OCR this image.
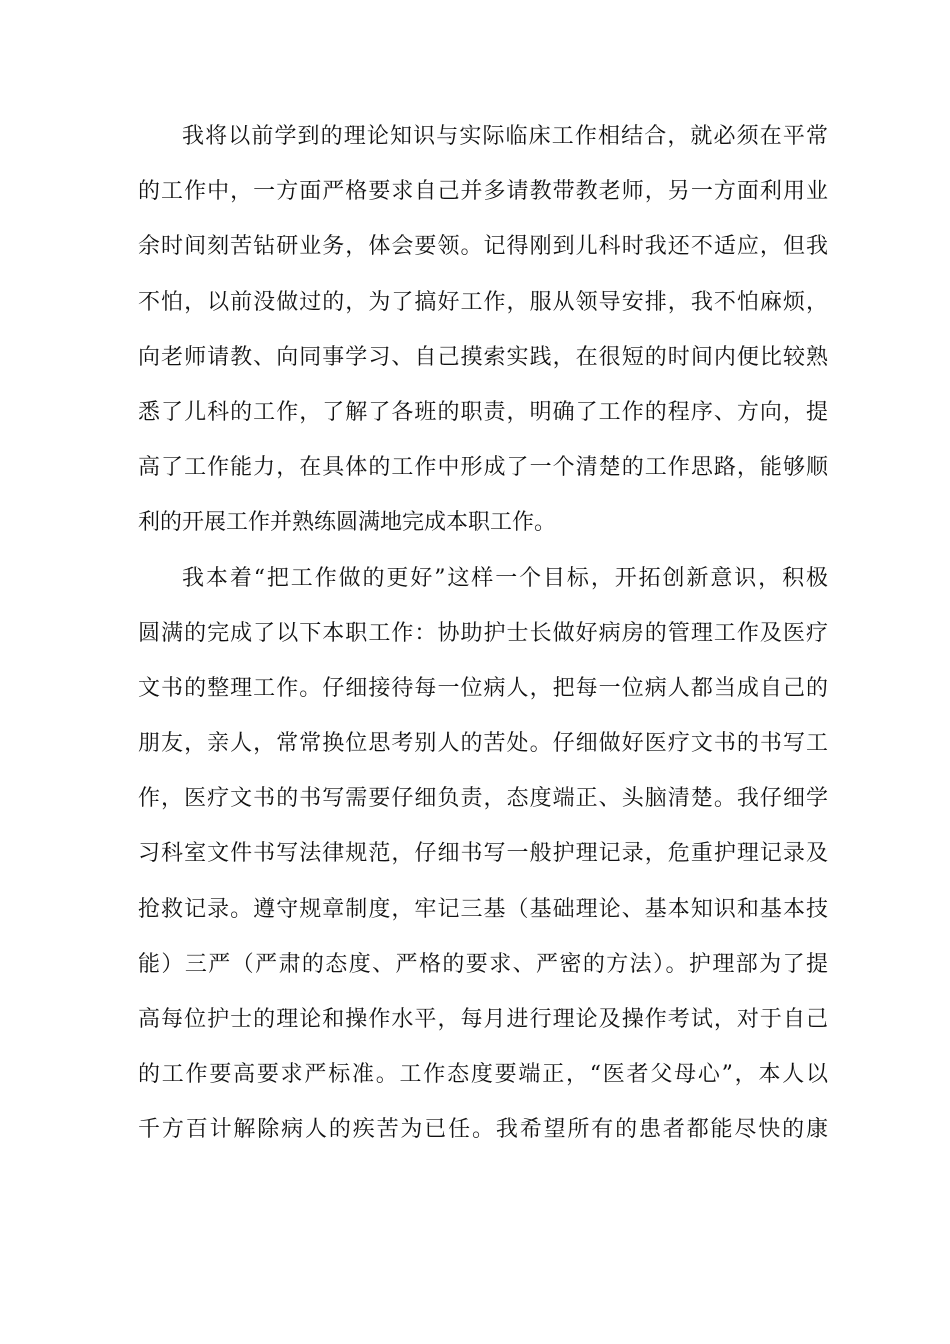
我将以前学到的理论知识与实际临床工作相结合，就必须在平常
的工作中，一方面严格要求自己并多请教带教老师，另一方面利用业
余时间刻苦钻研业务，体会要领。记得刚到儿科时我还不适应，但我
不怕，以前没做过的，为了搞好工作，服从领导安排，我不怕麻烦，
向老师请教、向同事学习、自己摸索实践，在很短的时间内便比较熟
悉了儿科的工作，了解了各班的职责，明确了工作的程序、方向，提
高了工作能力，在具体的工作中形成了一个清楚的工作思路，能够顺
利的开展工作并熟练圆满地完成本职工作。
我本着“把工作做的更好”这样一个目标，开拓创新意识，积极
圆满的完成了以下本职工作：协助护士长做好病房的管理工作及医疗
文书的整理工作。仔细接待每一位病人，把每一位病人都当成自己的
朋友，亲人，常常换位思考别人的苦处。仔细做好医疗文书的书写工
作，医疗文书的书写需要仔细负责，态度端正、头脑清楚。我仔细学
习科室文件书写法律规范，仔细书写一般护理记录，危重护理记录及
抢救记录。遵守规章制度，牢记三基（基础理论、基本知识和基本技
能）三严（严肃的态度、严格的要求、严密的方法）。护理部为了提
高每位护士的理论和操作水平，每月进行理论及操作考试，对于自己
的工作要高要求严标准。工作态度要端正，“医者父母心”，本人以
千方百计解除病人的疾苦为已任。我希望所有的患者都能尽快的康
